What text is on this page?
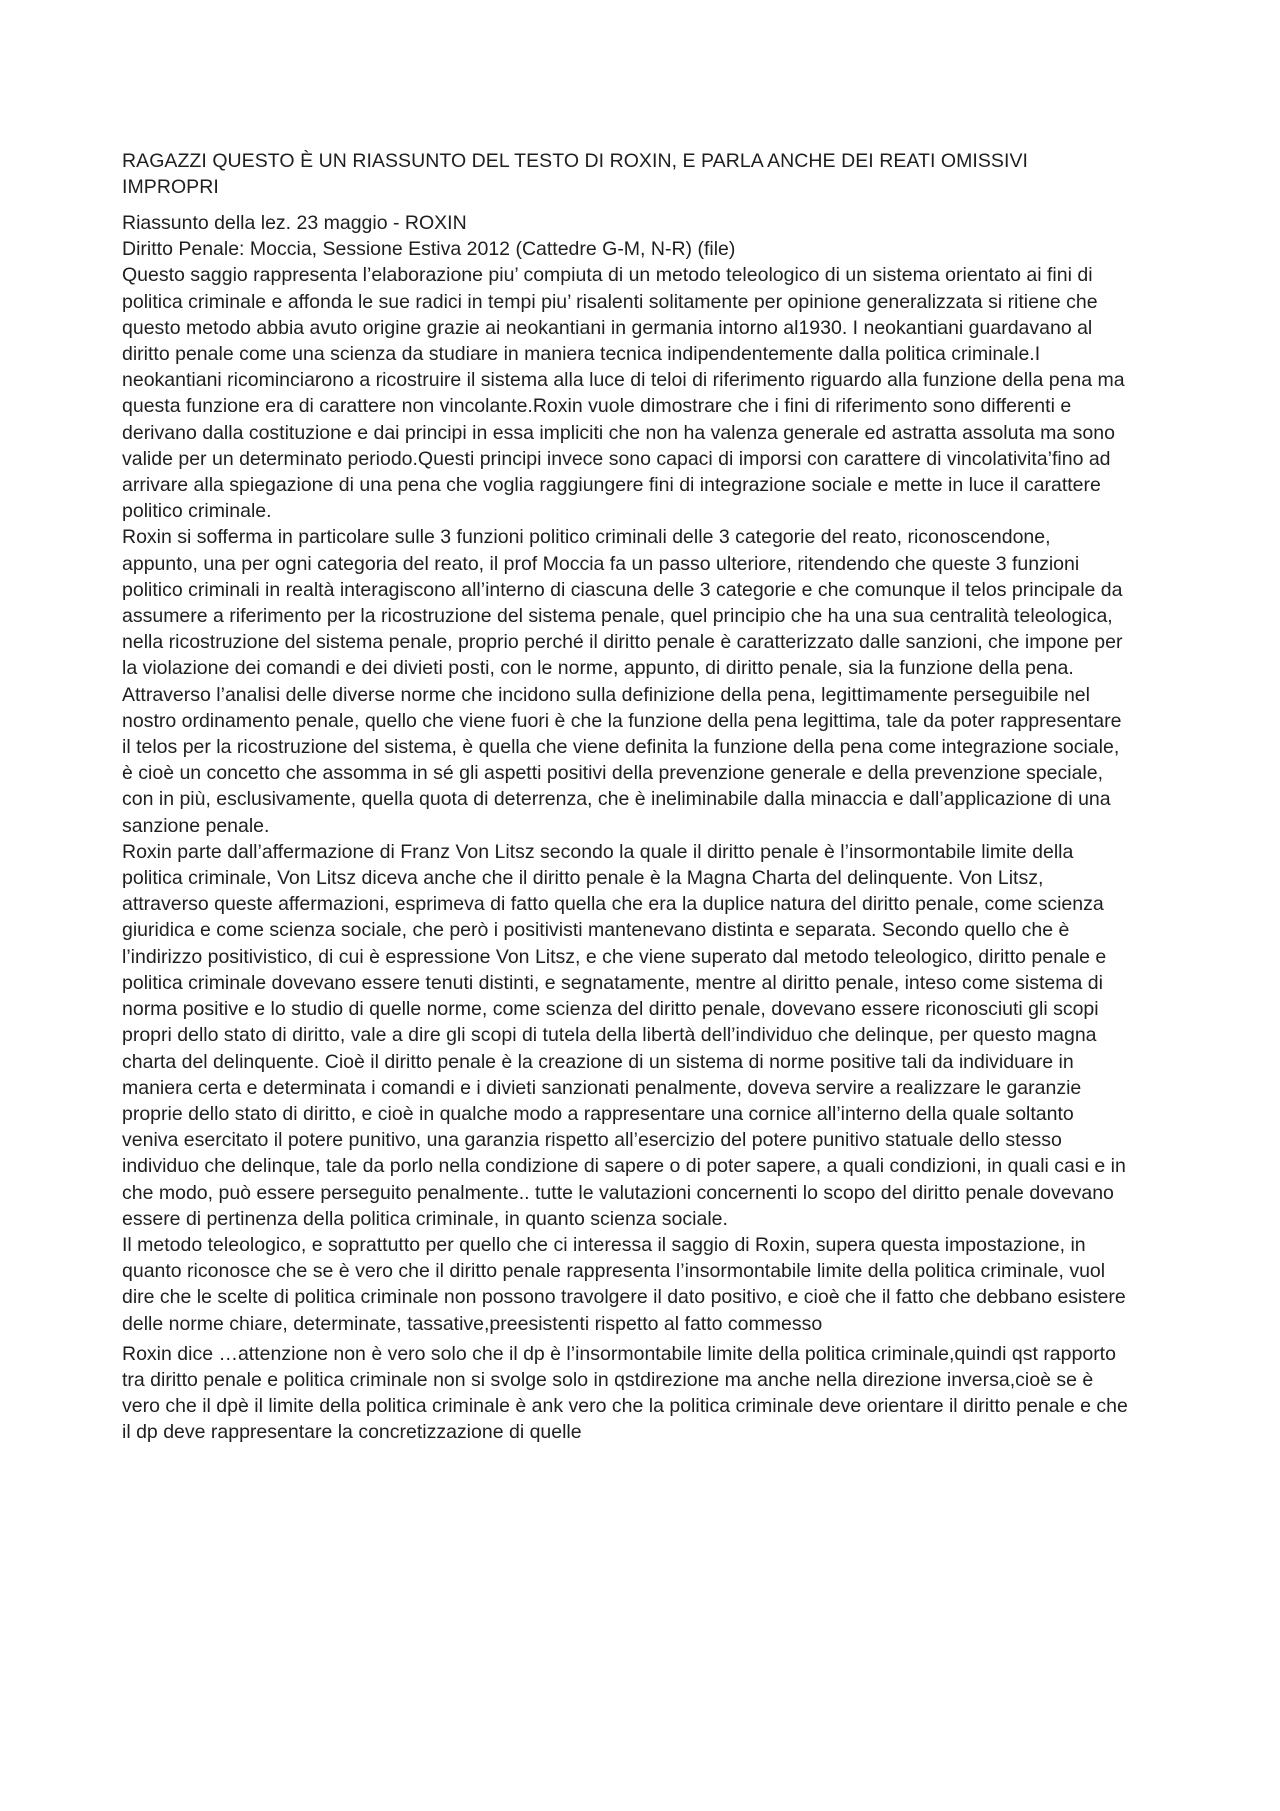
RAGAZZI QUESTO È UN RIASSUNTO DEL TESTO DI ROXIN, E PARLA ANCHE DEI REATI OMISSIVI IMPROPRI

Riassunto della lez. 23 maggio - ROXIN

Diritto Penale: Moccia, Sessione Estiva 2012 (Cattedre G-M, N-R) (file)

Questo saggio rappresenta l’elaborazione piu’ compiuta di un metodo teleologico di un sistema orientato ai fini di politica criminale e affonda le sue radici in tempi piu’ risalenti solitamente per opinione generalizzata si ritiene che questo metodo abbia avuto origine grazie ai neokantiani in germania intorno al1930. I neokantiani guardavano al diritto penale come una scienza da studiare in maniera tecnica indipendentemente dalla politica criminale.I neokantiani ricominciarono a ricostruire il sistema alla luce di teloi di riferimento riguardo alla funzione della pena ma questa funzione era di carattere non vincolante.Roxin vuole dimostrare che i fini di riferimento sono differenti e derivano dalla costituzione e dai principi in essa impliciti che non ha valenza generale ed astratta assoluta ma sono valide per un determinato periodo.Questi principi invece sono capaci di imporsi con carattere di vincolativita’fino ad arrivare alla spiegazione di una pena che voglia raggiungere fini di integrazione sociale e mette in luce il carattere politico criminale.

Roxin si sofferma in particolare sulle 3 funzioni politico criminali delle 3 categorie del reato, riconoscendone, appunto, una per ogni categoria del reato, il prof Moccia fa un passo ulteriore, ritendendo che queste 3 funzioni politico criminali in realtà interagiscono all’interno di ciascuna delle 3 categorie e che comunque il telos principale da assumere a riferimento per la ricostruzione del sistema penale, quel principio che ha una sua centralità teleologica, nella ricostruzione del sistema penale, proprio perché il diritto penale è caratterizzato dalle sanzioni, che impone per la violazione dei comandi e dei divieti posti, con le norme, appunto, di diritto penale, sia la funzione della pena.

Attraverso l’analisi delle diverse norme che incidono sulla definizione della pena, legittimamente perseguibile nel nostro ordinamento penale, quello che viene fuori è che la funzione della pena legittima, tale da poter rappresentare il telos per la ricostruzione del sistema, è quella che viene definita la funzione della pena come integrazione sociale, è cioè un concetto che assomma in sé gli aspetti positivi della prevenzione generale e della prevenzione speciale, con in più, esclusivamente, quella quota di deterrenza, che è ineliminabile dalla minaccia e dall’applicazione di una sanzione penale.

Roxin parte dall’affermazione di Franz Von Litsz secondo la quale il diritto penale è l’insormontabile limite della politica criminale, Von Litsz diceva anche che il diritto penale è la Magna Charta del delinquente. Von Litsz, attraverso queste affermazioni, esprimeva di fatto quella che era la duplice natura del diritto penale, come scienza giuridica e come scienza sociale, che però i positivisti mantenevano distinta e separata. Secondo quello che è l’indirizzo positivistico, di cui è espressione Von Litsz, e che viene superato dal metodo teleologico, diritto penale e politica criminale dovevano essere tenuti distinti, e segnatamente, mentre al diritto penale, inteso come sistema di norma positive e lo studio di quelle norme, come scienza del diritto penale, dovevano essere riconosciuti gli scopi propri dello stato di diritto, vale a dire gli scopi di tutela della libertà dell’individuo che delinque, per questo magna charta del delinquente. Cioè il diritto penale è la creazione di un sistema di norme positive tali da individuare in maniera certa e determinata i comandi e i divieti sanzionati penalmente, doveva servire a realizzare le garanzie proprie dello stato di diritto, e cioè in qualche modo a rappresentare una cornice all’interno della quale soltanto veniva esercitato il potere punitivo, una garanzia rispetto all’esercizio del potere punitivo statuale dello stesso individuo che delinque, tale da porlo nella condizione di sapere o di poter sapere, a quali condizioni, in quali casi e in che modo, può essere perseguito penalmente.. tutte le valutazioni concernenti lo scopo del diritto penale dovevano essere di pertinenza della politica criminale, in quanto scienza sociale.

Il metodo teleologico, e soprattutto per quello che ci interessa il saggio di Roxin, supera questa impostazione, in quanto riconosce che se è vero che il diritto penale rappresenta l’insormontabile limite della politica criminale, vuol dire che le scelte di politica criminale non possono travolgere il dato positivo, e cioè che il fatto che debbano esistere delle norme chiare, determinate, tassative,preesistenti rispetto al fatto commesso

Roxin dice …attenzione non è vero solo che il dp è l’insormontabile limite della politica criminale,quindi qst rapporto tra diritto penale e politica criminale non si svolge solo in qstdirezione ma anche nella direzione inversa,cioè se è vero che il dpè il limite della politica criminale è ank vero che la politica criminale deve orientare il diritto penale e che il dp deve rappresentare la concretizzazione di quelle
